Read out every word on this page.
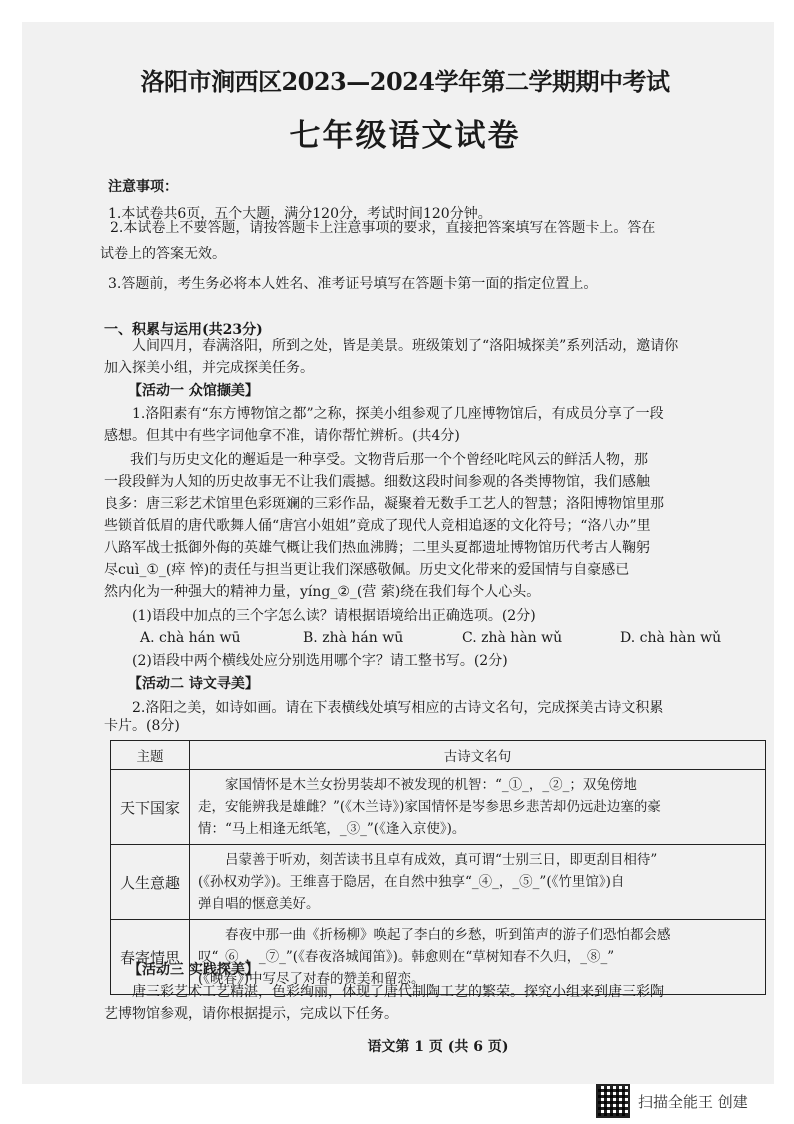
洛阳市涧西区2023—2024学年第二学期期中考试
七年级语文试卷
注意事项：
1.本试卷共6页，五个大题，满分120分，考试时间120分钟。
2.本试卷上不要答题，请按答题卡上注意事项的要求，直接把答案填写在答题卡上。答在
试卷上的答案无效。
3.答题前，考生务必将本人姓名、准考证号填写在答题卡第一面的指定位置上。
一、积累与运用(共23分)
人间四月，春满洛阳，所到之处，皆是美景。班级策划了“洛阳城探美”系列活动，邀请你
加入探美小组，并完成探美任务。
【活动一 众馆撷美】
1.洛阳素有“东方博物馆之都”之称，探美小组参观了几座博物馆后，有成员分享了一段
感想。但其中有些字词他拿不准，请你帮忙辨析。(共4分)
我们与历史文化的邂逅是一种享受。文物背后那一个个曾经叱咤风云的鲜活人物，那
一段段鲜为人知的历史故事无不让我们震撼。细数这段时间参观的各类博物馆，我们感触
良多：唐三彩艺术馆里色彩斑斓的三彩作品，凝聚着无数手工艺人的智慧；洛阳博物馆里那
些锁首低眉的唐代歌舞人俑“唐宫小姐姐”竟成了现代人竞相追逐的文化符号；“洛八办”里
八路军战士抵御外侮的英雄气概让我们热血沸腾；二里头夏都遗址博物馆历代考古人鞠躬
尽cuì_①_(瘁 悴)的责任与担当更让我们深感敬佩。历史文化带来的爱国情与自豪感已
然内化为一种强大的精神力量，yíng_②_(营 萦)绕在我们每个人心头。
(1)语段中加点的三个字怎么读？请根据语境给出正确选项。(2分)
A. chà hán wū	B. zhà hán wū	C. zhà hàn wǔ	D. chà hàn wǔ
(2)语段中两个横线处应分别选用哪个字？请工整书写。(2分)
【活动二 诗文寻美】
2.洛阳之美，如诗如画。请在下表横线处填写相应的古诗文名句，完成探美古诗文积累
卡片。(8分)
主题	古诗文名句
天下国家	家国情怀是木兰女扮男装却不被发现的机智：“_①_，_②_；双兔傍地
走，安能辨我是雄雌？”(《木兰诗》)家国情怀是岑参思乡悲苦却仍远赴边塞的豪
情：“马上相逢无纸笔，_③_”(《逢入京使》)。

人生意趣	吕蒙善于听劝，刻苦读书且卓有成效，真可谓“士别三日，即更刮目相待”
(《孙权劝学》)。王维喜于隐居，在自然中独享“_④_，_⑤_”(《竹里馆》)自
弹自唱的惬意美好。

春寄情思	春夜中那一曲《折杨柳》唤起了李白的乡愁，听到笛声的游子们恐怕都会感
叹“_⑥_，_⑦_”(《春夜洛城闻笛》)。韩愈则在“草树知春不久归，_⑧_”
(《晚春》)中写尽了对春的赞美和留恋。
【活动三 实践探美】
唐三彩艺术工艺精湛，色彩绚丽，体现了唐代制陶工艺的繁荣。探究小组来到唐三彩陶
艺博物馆参观，请你根据提示，完成以下任务。
语文第 1 页 (共 6 页)
扫描全能王 创建
